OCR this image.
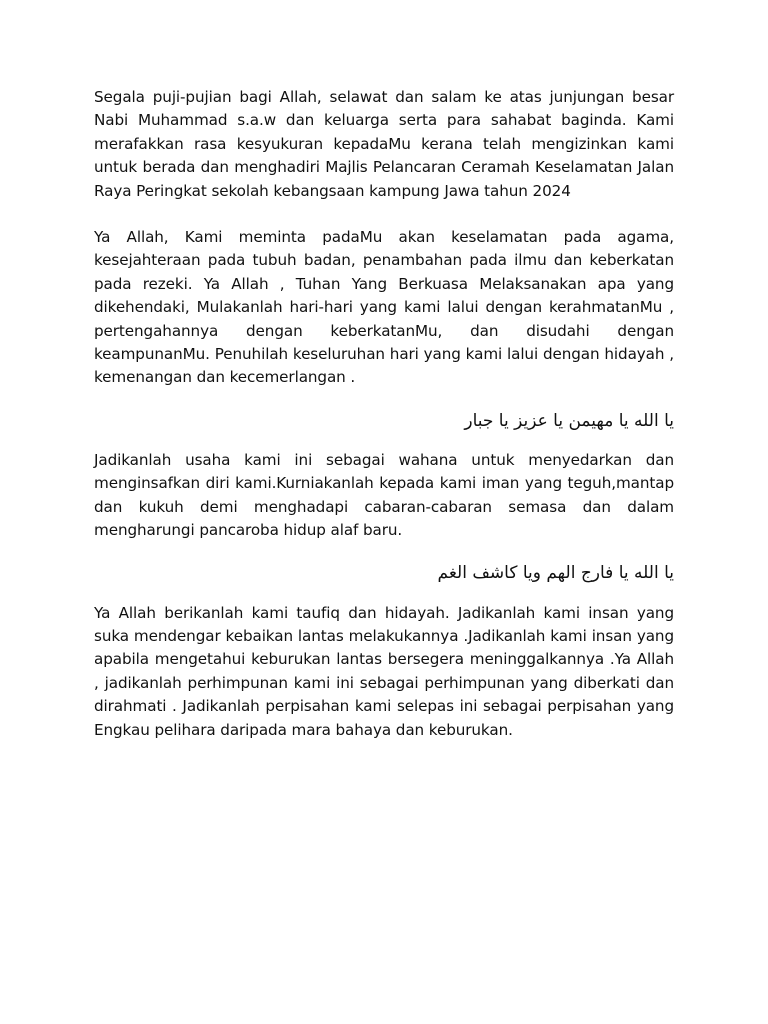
Segala puji-pujian bagi Allah, selawat dan salam ke atas junjungan besar Nabi Muhammad s.a.w dan keluarga serta para sahabat baginda. Kami merafakkan rasa kesyukuran kepadaMu kerana telah mengizinkan kami untuk berada dan menghadiri Majlis Pelancaran Ceramah Keselamatan Jalan Raya Peringkat sekolah kebangsaan kampung Jawa tahun 2024

Ya Allah, Kami meminta padaMu akan keselamatan pada agama, kesejahteraan pada tubuh badan, penambahan pada ilmu dan keberkatan pada rezeki. Ya Allah , Tuhan Yang Berkuasa Melaksanakan apa yang dikehendaki, Mulakanlah hari-hari yang kami lalui dengan kerahmatanMu , pertengahannya dengan keberkatanMu, dan disudahi dengan keampunanMu. Penuhilah keseluruhan hari yang kami lalui dengan hidayah , kemenangan dan kecemerlangan .

يا الله يا مهيمن يا عزيز يا جبار

Jadikanlah usaha kami ini sebagai wahana untuk menyedarkan dan menginsafkan diri kami.Kurniakanlah kepada kami iman yang teguh,mantap dan kukuh demi menghadapi cabaran-cabaran semasa dan dalam mengharungi pancaroba hidup alaf baru.

يا الله يا فارج الهم ويا كاشف الغم

Ya Allah berikanlah kami taufiq dan hidayah. Jadikanlah kami insan yang suka mendengar kebaikan lantas melakukannya .Jadikanlah kami insan yang apabila mengetahui keburukan lantas bersegera meninggalkannya .Ya Allah , jadikanlah perhimpunan kami ini sebagai perhimpunan yang diberkati dan dirahmati . Jadikanlah perpisahan kami selepas ini sebagai perpisahan yang Engkau pelihara daripada mara bahaya dan keburukan.
